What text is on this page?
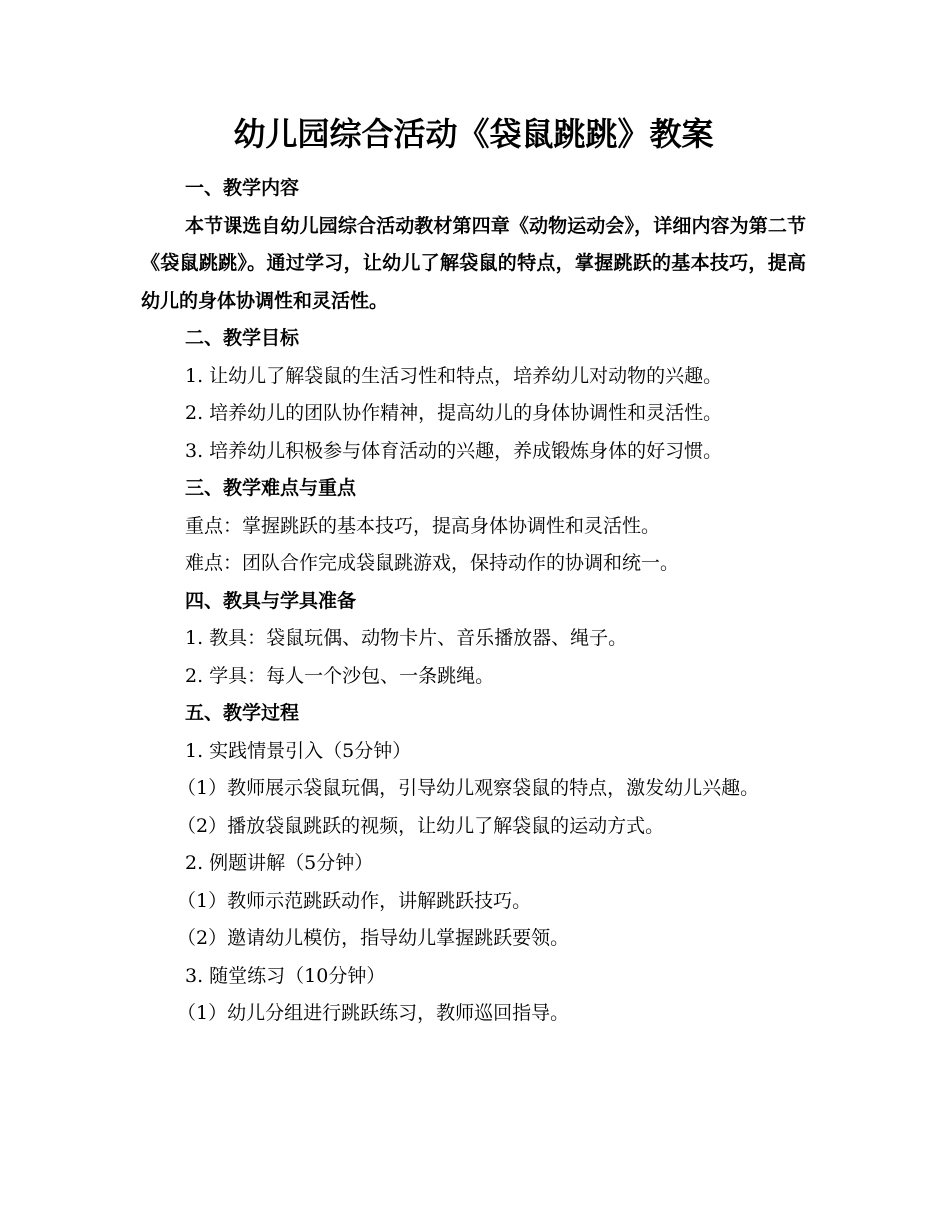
幼儿园综合活动《袋鼠跳跳》教案
一、教学内容
本节课选自幼儿园综合活动教材第四章《动物运动会》，详细内容为第二节《袋鼠跳跳》。通过学习，让幼儿了解袋鼠的特点，掌握跳跃的基本技巧，提高幼儿的身体协调性和灵活性。
二、教学目标
1. 让幼儿了解袋鼠的生活习性和特点，培养幼儿对动物的兴趣。
2. 培养幼儿的团队协作精神，提高幼儿的身体协调性和灵活性。
3. 培养幼儿积极参与体育活动的兴趣，养成锻炼身体的好习惯。
三、教学难点与重点
重点：掌握跳跃的基本技巧，提高身体协调性和灵活性。
难点：团队合作完成袋鼠跳游戏，保持动作的协调和统一。
四、教具与学具准备
1. 教具：袋鼠玩偶、动物卡片、音乐播放器、绳子。
2. 学具：每人一个沙包、一条跳绳。
五、教学过程
1. 实践情景引入（5分钟）
（1）教师展示袋鼠玩偶，引导幼儿观察袋鼠的特点，激发幼儿兴趣。
（2）播放袋鼠跳跃的视频，让幼儿了解袋鼠的运动方式。
2. 例题讲解（5分钟）
（1）教师示范跳跃动作，讲解跳跃技巧。
（2）邀请幼儿模仿，指导幼儿掌握跳跃要领。
3. 随堂练习（10分钟）
（1）幼儿分组进行跳跃练习，教师巡回指导。
